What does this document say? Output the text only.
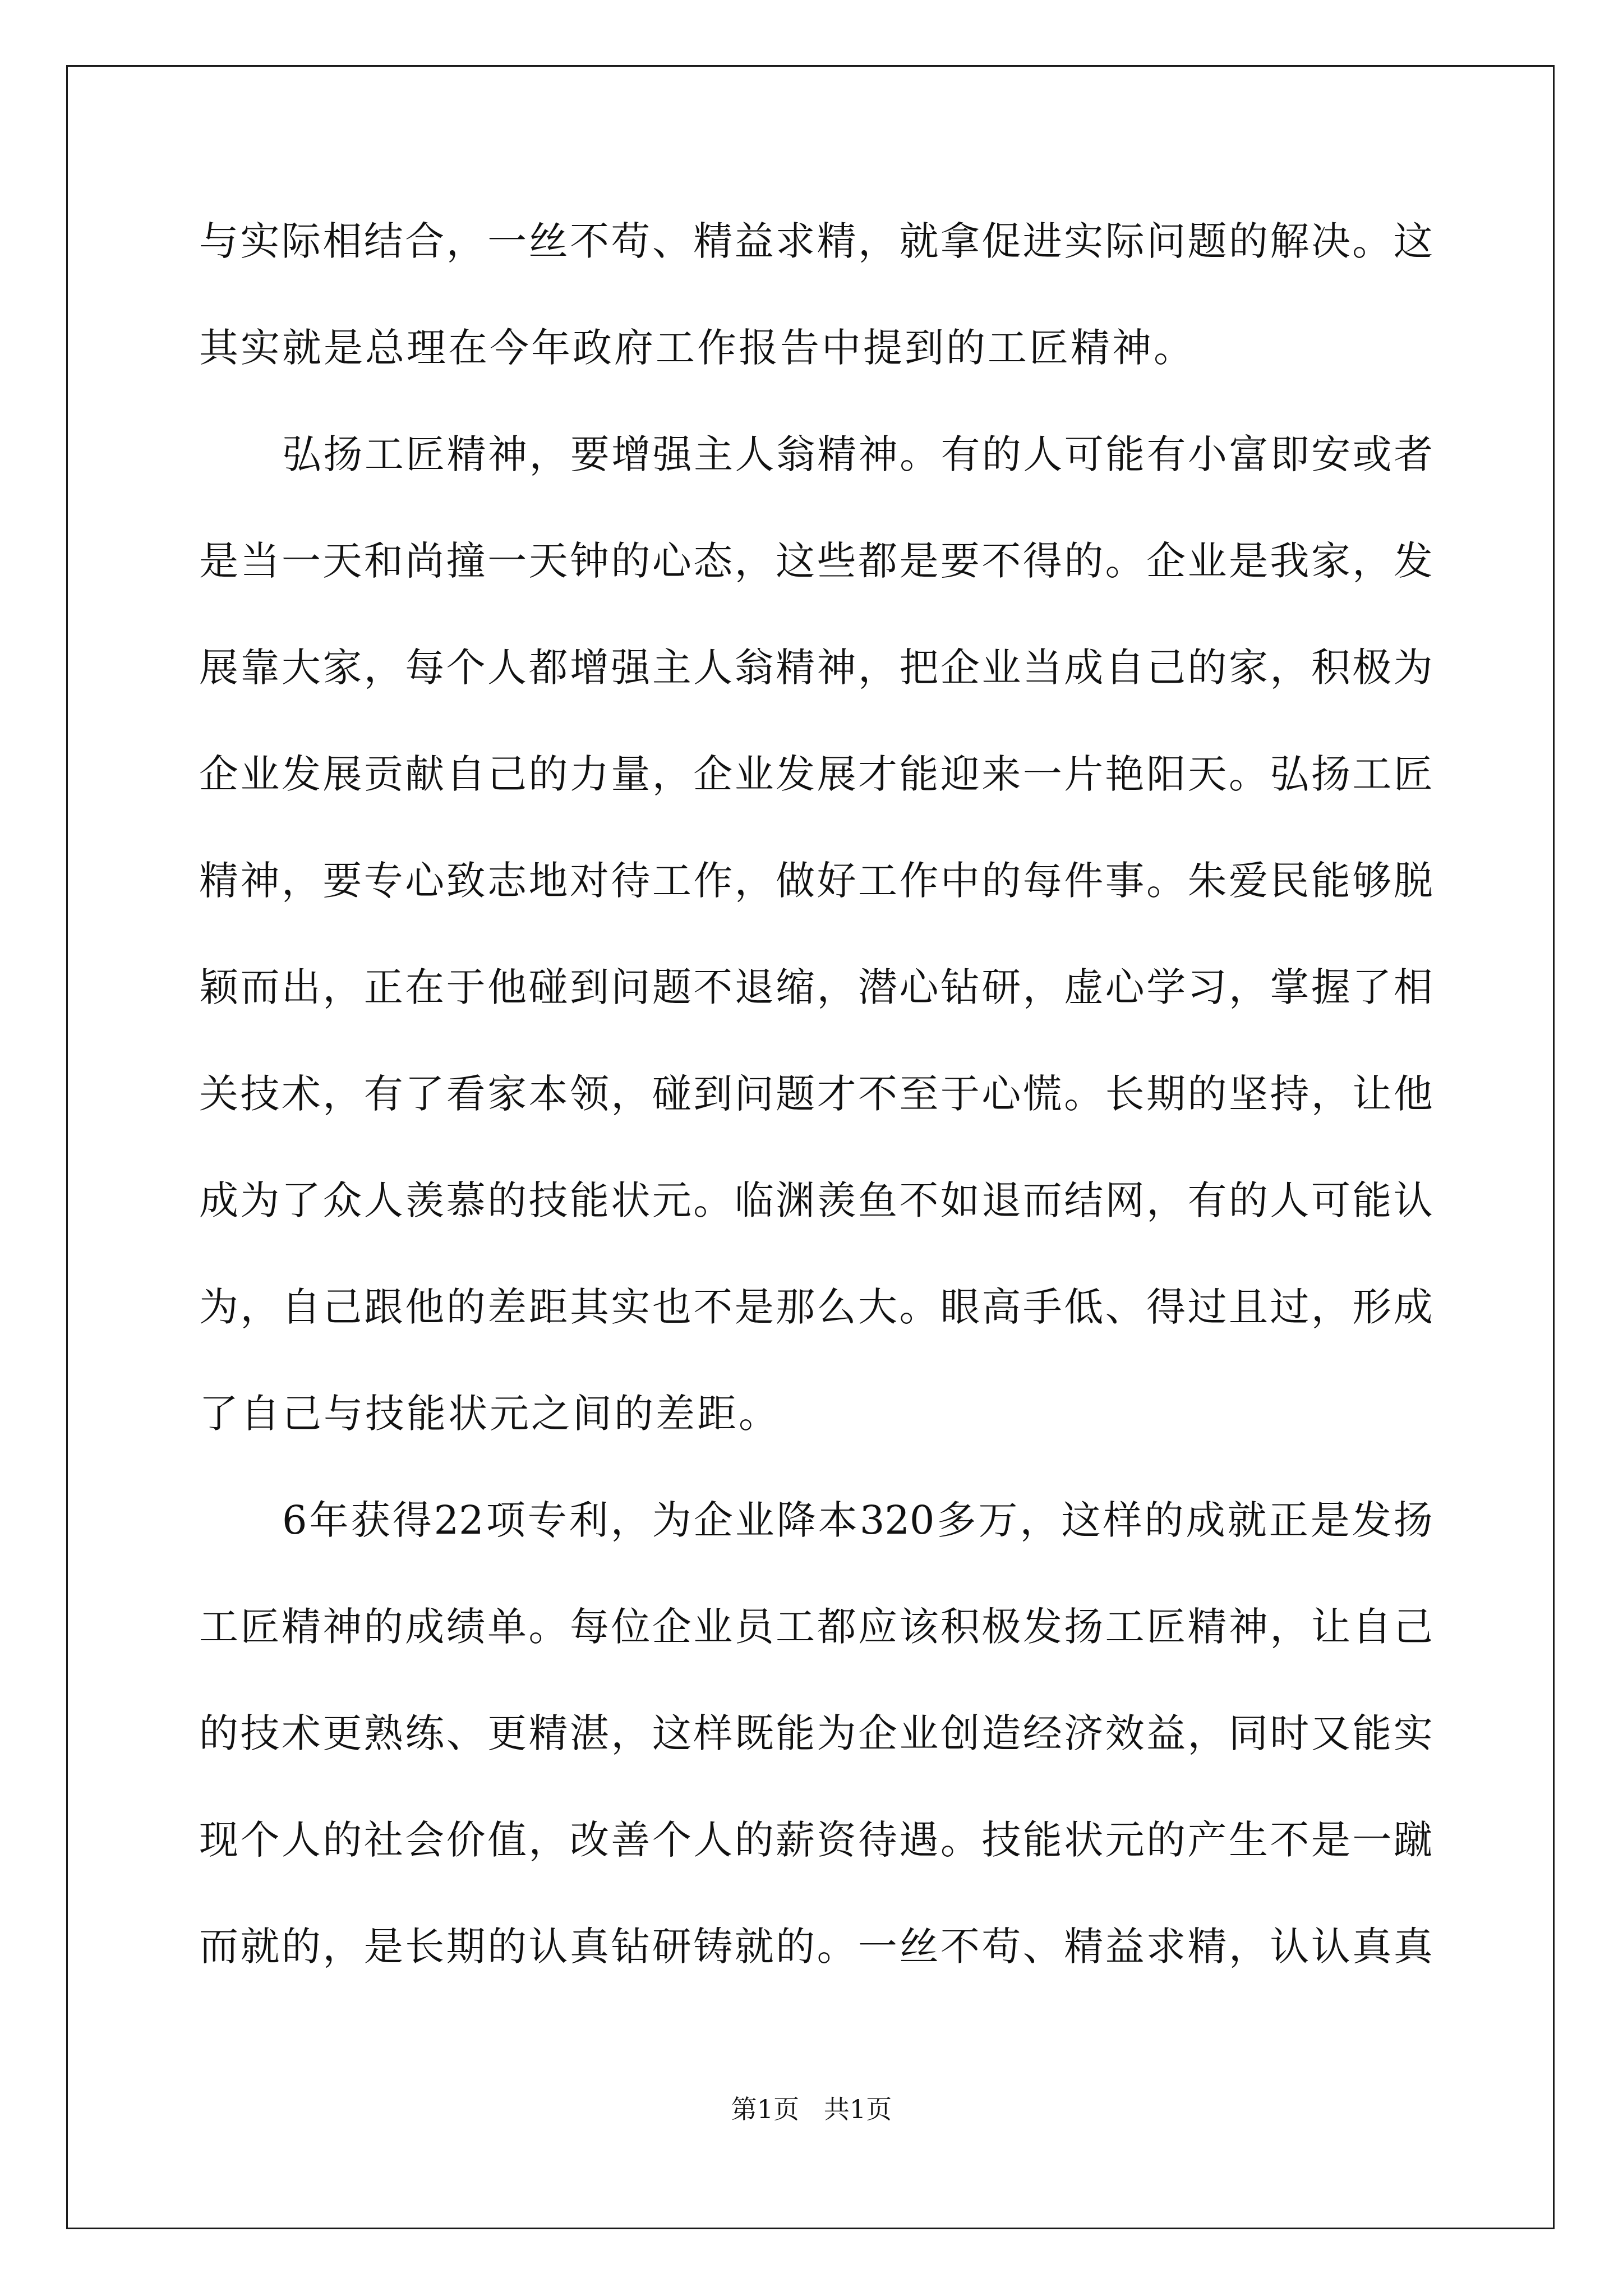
与 实 际 相 结 合 ， 一 丝 不 苟 、 精 益 求 精 ， 就 拿 促 进 实 际 问 题 的 解 决 。 这
其 实 就 是 总 理 在 今 年 政 府 工 作 报 告 中 提 到 的 工 匠 精 神 。
弘 扬 工 匠 精 神 ， 要 增 强 主 人 翁 精 神 。 有 的 人 可 能 有 小 富 即 安 或 者
是 当 一 天 和 尚 撞 一 天 钟 的 心 态 ， 这 些 都 是 要 不 得 的 。 企 业 是 我 家 ， 发
展 靠 大 家 ， 每 个 人 都 增 强 主 人 翁 精 神 ， 把 企 业 当 成 自 己 的 家 ， 积 极 为
企 业 发 展 贡 献 自 己 的 力 量 ， 企 业 发 展 才 能 迎 来 一 片 艳 阳 天 。 弘 扬 工 匠
精 神 ， 要 专 心 致 志 地 对 待 工 作 ， 做 好 工 作 中 的 每 件 事 。 朱 爱 民 能 够 脱
颖 而 出 ， 正 在 于 他 碰 到 问 题 不 退 缩 ， 潜 心 钻 研 ， 虚 心 学 习 ， 掌 握 了 相
关 技 术 ， 有 了 看 家 本 领 ， 碰 到 问 题 才 不 至 于 心 慌 。 长 期 的 坚 持 ， 让 他
成 为 了 众 人 羡 慕 的 技 能 状 元 。 临 渊 羡 鱼 不 如 退 而 结 网 ， 有 的 人 可 能 认
为 ， 自 己 跟 他 的 差 距 其 实 也 不 是 那 么 大 。 眼 高 手 低 、 得 过 且 过 ， 形 成
了 自 己 与 技 能 状 元 之 间 的 差 距 。
6 年 获 得 22 项 专 利 ， 为 企 业 降 本 320 多 万 ， 这 样 的 成 就 正 是 发 扬
工 匠 精 神 的 成 绩 单 。 每 位 企 业 员 工 都 应 该 积 极 发 扬 工 匠 精 神 ， 让 自 己
的 技 术 更 熟 练 、 更 精 湛 ， 这 样 既 能 为 企 业 创 造 经 济 效 益 ， 同 时 又 能 实
现 个 人 的 社 会 价 值 ， 改 善 个 人 的 薪 资 待 遇 。 技 能 状 元 的 产 生 不 是 一 蹴
而 就 的 ， 是 长 期 的 认 真 钻 研 铸 就 的 。 一 丝 不 苟 、 精 益 求 精 ， 认 认 真 真
第1页   共1页
